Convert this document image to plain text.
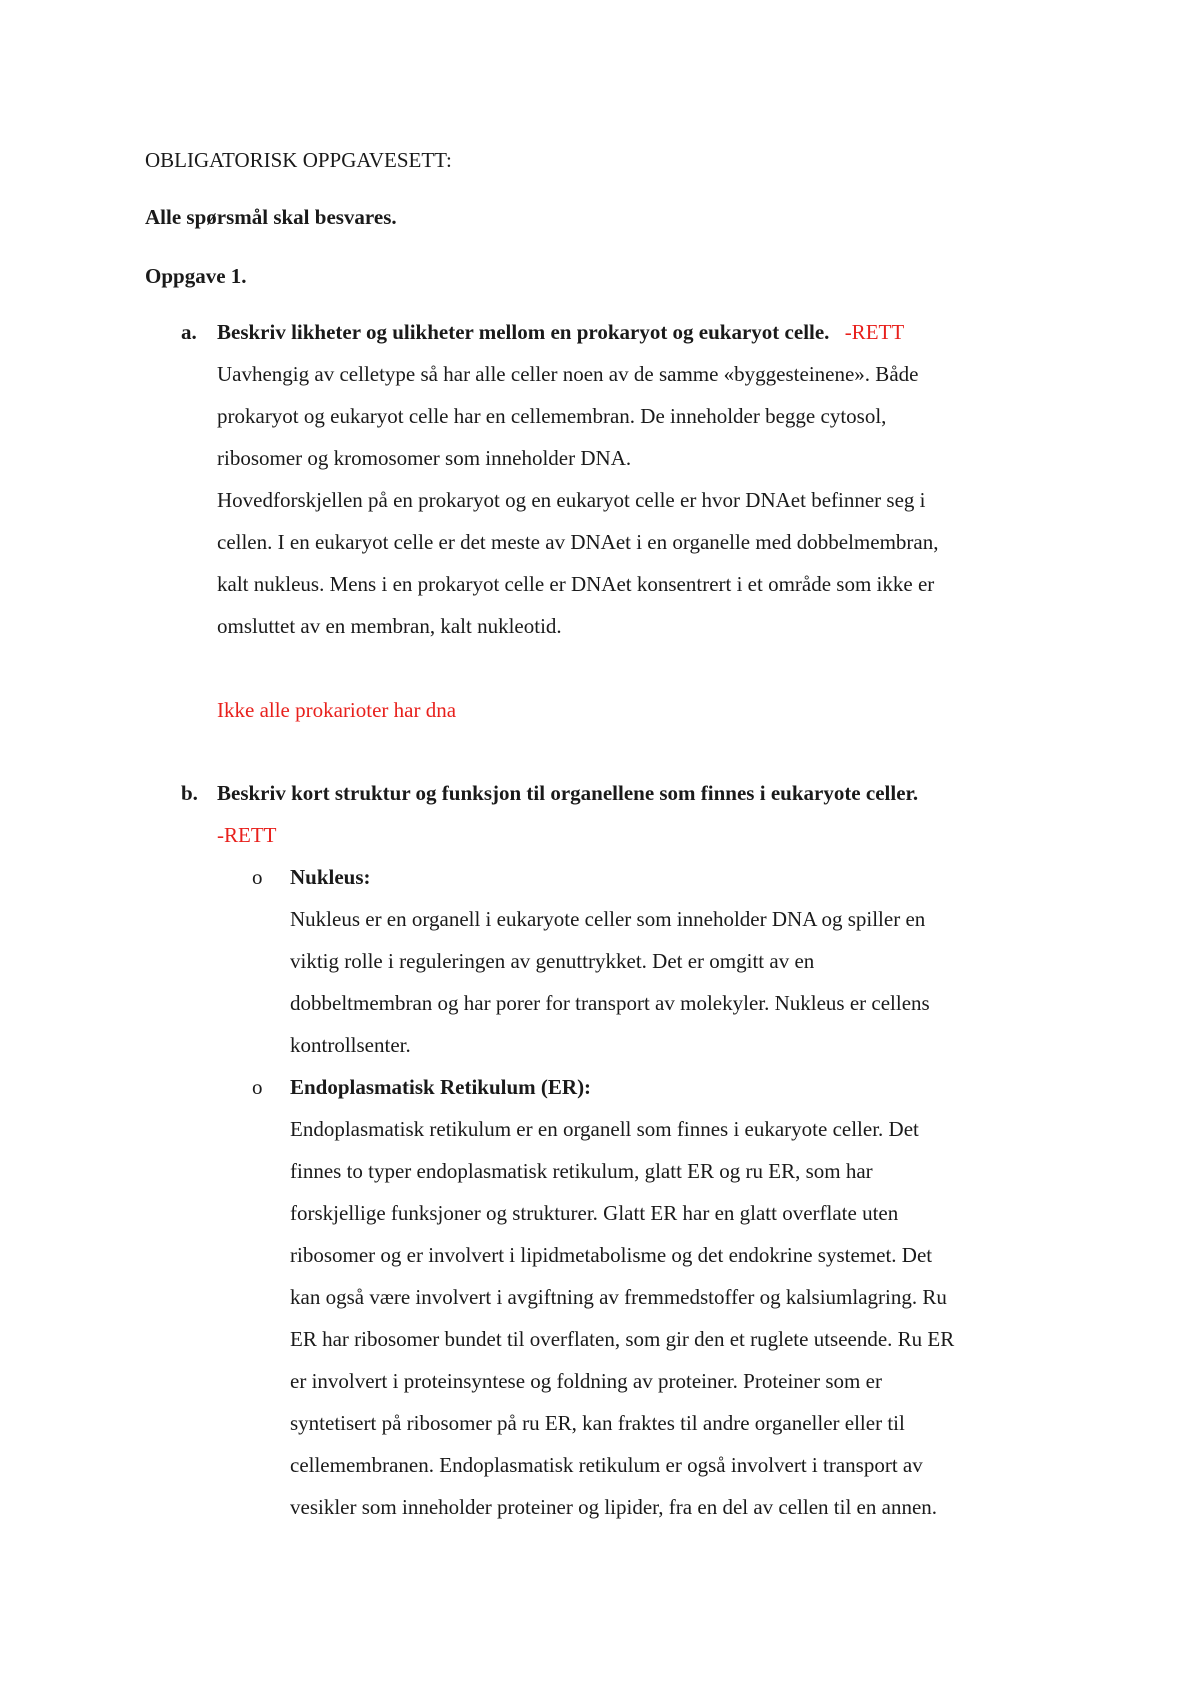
OBLIGATORISK OPPGAVESETT:
Alle spørsmål skal besvares.
Oppgave 1.
a. Beskriv likheter og ulikheter mellom en prokaryot og eukaryot celle. -RETT
Uavhengig av celletype så har alle celler noen av de samme «byggesteinene». Både
prokaryot og eukaryot celle har en cellemembran. De inneholder begge cytosol,
ribosomer og kromosomer som inneholder DNA.
Hovedforskjellen på en prokaryot og en eukaryot celle er hvor DNAet befinner seg i
cellen. I en eukaryot celle er det meste av DNAet i en organelle med dobbelmembran,
kalt nukleus. Mens i en prokaryot celle er DNAet konsentrert i et område som ikke er
omsluttet av en membran, kalt nukleotid.
Ikke alle prokarioter har dna
b. Beskriv kort struktur og funksjon til organellene som finnes i eukaryote celler.
-RETT
o Nukleus:
Nukleus er en organell i eukaryote celler som inneholder DNA og spiller en
viktig rolle i reguleringen av genuttrykket. Det er omgitt av en
dobbeltmembran og har porer for transport av molekyler. Nukleus er cellens
kontrollsenter.
o Endoplasmatisk Retikulum (ER):
Endoplasmatisk retikulum er en organell som finnes i eukaryote celler. Det
finnes to typer endoplasmatisk retikulum, glatt ER og ru ER, som har
forskjellige funksjoner og strukturer. Glatt ER har en glatt overflate uten
ribosomer og er involvert i lipidmetabolisme og det endokrine systemet. Det
kan også være involvert i avgiftning av fremmedstoffer og kalsiumlagring. Ru
ER har ribosomer bundet til overflaten, som gir den et ruglete utseende. Ru ER
er involvert i proteinsyntese og foldning av proteiner. Proteiner som er
syntetisert på ribosomer på ru ER, kan fraktes til andre organeller eller til
cellemembranen. Endoplasmatisk retikulum er også involvert i transport av
vesikler som inneholder proteiner og lipider, fra en del av cellen til en annen.
